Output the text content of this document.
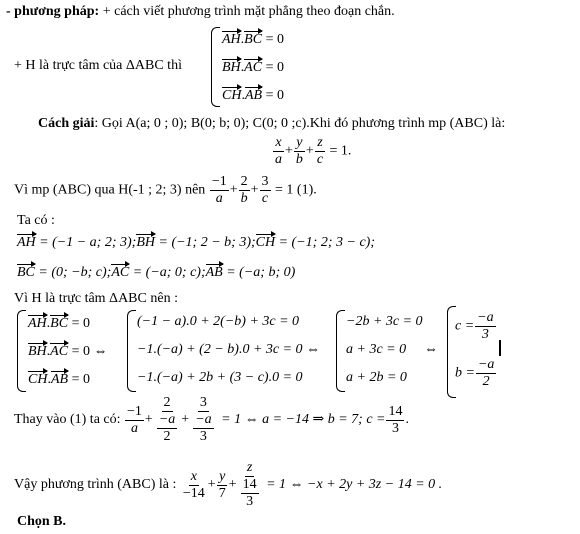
- phương pháp: + cách viết phương trình mặt phẳng theo đoạn chắn.
+ H là trực tâm của ΔABC thì
AH.BC = 0
BH.AC = 0
CH.AB = 0
Cách giải: Gọi A(a; 0 ; 0); B(0; b; 0); C(0; 0 ;c).Khi đó phương trình mp (ABC) là:
$\frac{x}{a} + \frac{y}{b} + \frac{z}{c} = 1$.
Vì mp (ABC) qua H(-1 ; 2; 3) nên $\frac{-1}{a} + \frac{2}{b} + \frac{3}{c} = 1$ (1).
Ta có :
AH = (−1 − a; 2; 3);BH = (−1; 2 − b; 3);CH = (−1; 2; 3 − c);
BC = (0; −b; c);AC = (−a; 0; c);AB = (−a; b; 0)
Vì H là trực tâm ΔABC nên :
AH.BC = 0
BH.AC = 0 ⇔
CH.AB = 0
(−1 − a).0 + 2(−b) + 3c = 0
−1.(−a) + (2 − b).0 + 3c = 0 ⇔
−1.(−a) + 2b + (3 − c).0 = 0
−2b + 3c = 0
a + 3c = 0
a + 2b = 0
⇔
$c = \frac{-a}{3}$
$b = \frac{-a}{2}$
Thay vào (1) ta có: $\frac{-1}{a} + \frac{2}{\frac{-a}{2}} + \frac{3}{\frac{-a}{3}} = 1$ ⇔ a = −14 ⇒ b = 7; $c = \frac{14}{3}$ .
Vậy phương trình (ABC) là : $\frac{x}{-14} + \frac{y}{7} + \frac{z}{\frac{14}{3}} = 1$ ⇔ −x + 2y + 3z − 14 = 0 .
Chọn B.
